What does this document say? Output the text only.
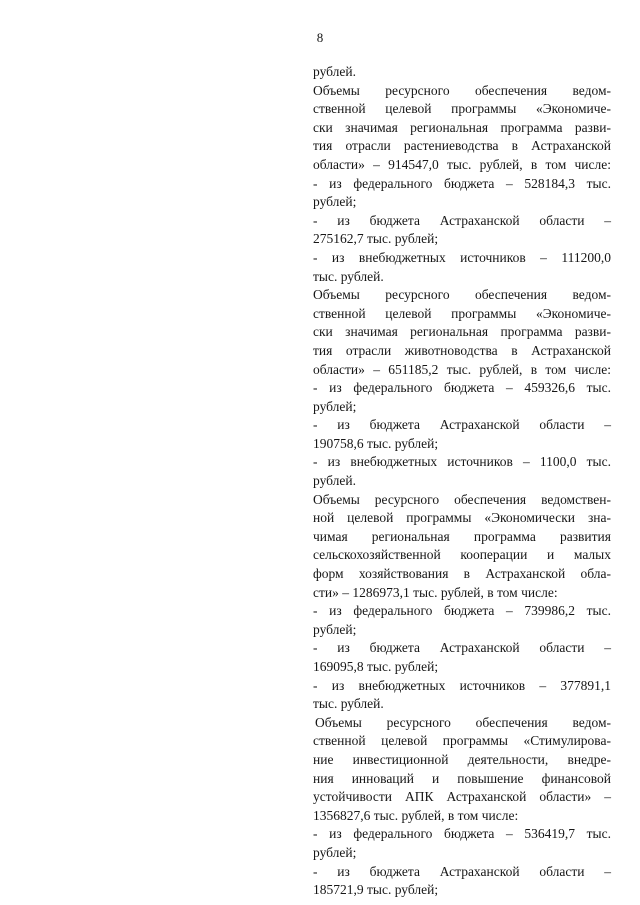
8
рублей.
Объемы ресурсного обеспечения ведом-
ственной целевой программы «Экономиче-
ски значимая региональная программа разви-
тия отрасли растениеводства в Астраханской
области» – 914547,0 тыс. рублей, в том числе:
- из федерального бюджета – 528184,3 тыс.
рублей;
- из бюджета Астраханской области –
275162,7 тыс. рублей;
- из внебюджетных источников – 111200,0
тыс. рублей.
Объемы ресурсного обеспечения ведом-
ственной целевой программы «Экономиче-
ски значимая региональная программа разви-
тия отрасли животноводства в Астраханской
области» – 651185,2 тыс. рублей, в том числе:
- из федерального бюджета – 459326,6 тыс.
рублей;
- из бюджета Астраханской области –
190758,6 тыс. рублей;
- из внебюджетных источников – 1100,0 тыс.
рублей.
Объемы ресурсного обеспечения ведомствен-
ной целевой программы «Экономически зна-
чимая региональная программа развития
сельскохозяйственной кооперации и малых
форм хозяйствования в Астраханской обла-
сти» – 1286973,1 тыс. рублей, в том числе:
- из федерального бюджета – 739986,2 тыс.
рублей;
- из бюджета Астраханской области –
169095,8 тыс. рублей;
- из внебюджетных источников – 377891,1
тыс. рублей.
Объемы ресурсного обеспечения ведом-
ственной целевой программы «Стимулирова-
ние инвестиционной деятельности, внедре-
ния инноваций и повышение финансовой
устойчивости АПК Астраханской области» –
1356827,6 тыс. рублей, в том числе:
- из федерального бюджета – 536419,7 тыс.
рублей;
- из бюджета Астраханской области –
185721,9 тыс. рублей;
